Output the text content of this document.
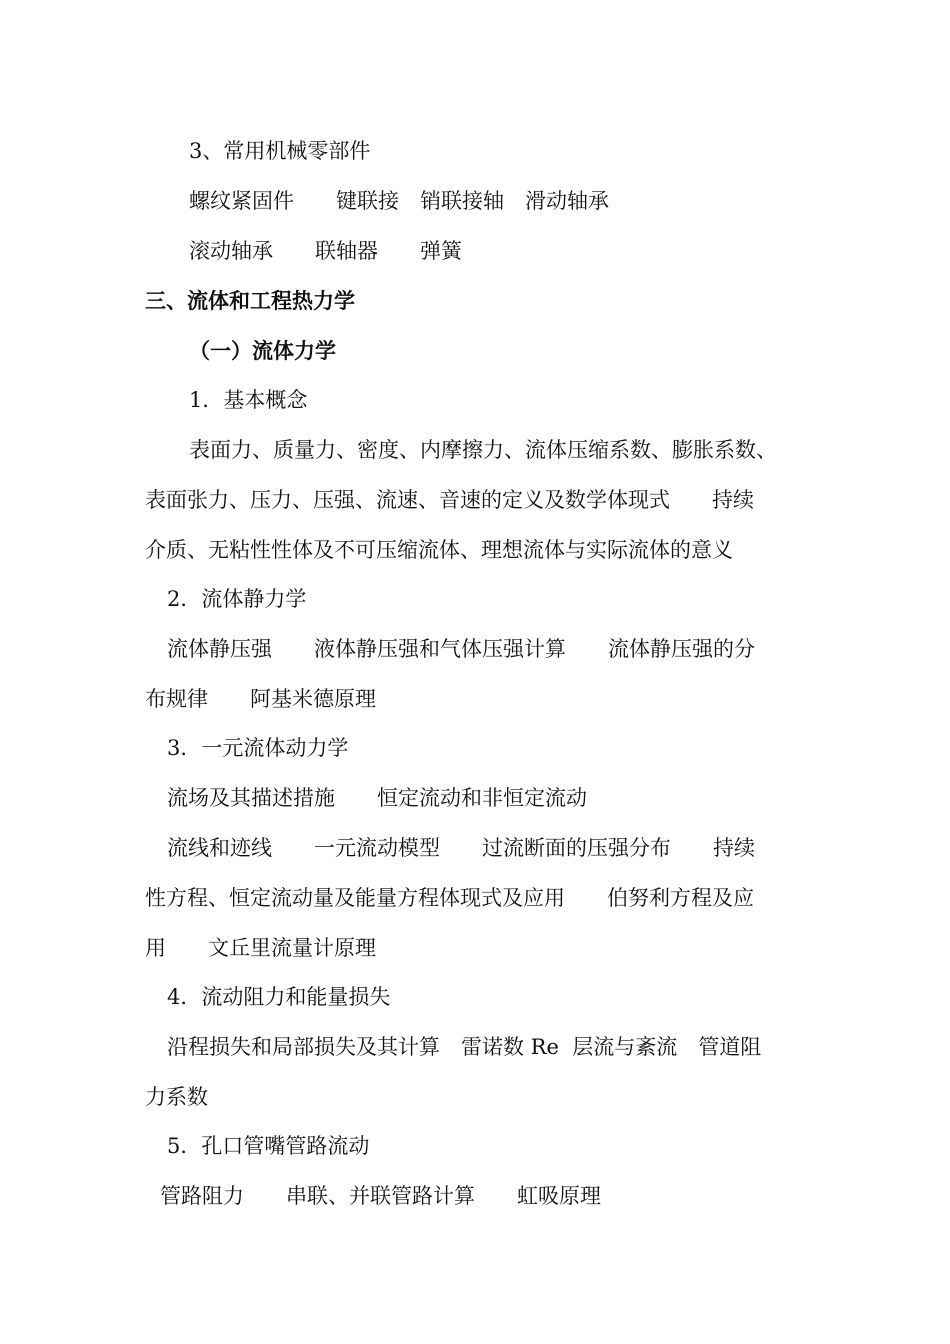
3、常用机械零部件
螺纹紧固件　　键联接　销联接轴　滑动轴承
滚动轴承　　联轴器　　弹簧
三、流体和工程热力学
（一）流体力学
1．基本概念
表面力、质量力、密度、内摩擦力、流体压缩系数、膨胀系数、
表面张力、压力、压强、流速、音速的定义及数学体现式　　持续
介质、无粘性性体及不可压缩流体、理想流体与实际流体的意义
2．流体静力学
流体静压强　　液体静压强和气体压强计算　　流体静压强的分
布规律　　阿基米德原理
3．一元流体动力学
流场及其描述措施　　恒定流动和非恒定流动
流线和迹线　　一元流动模型　　过流断面的压强分布　　持续
性方程、恒定流动量及能量方程体现式及应用　　伯努利方程及应
用　　文丘里流量计原理
4．流动阻力和能量损失
沿程损失和局部损失及其计算　雷诺数 Re  层流与紊流　管道阻
力系数
5．孔口管嘴管路流动
管路阻力　　串联、并联管路计算　　虹吸原理
